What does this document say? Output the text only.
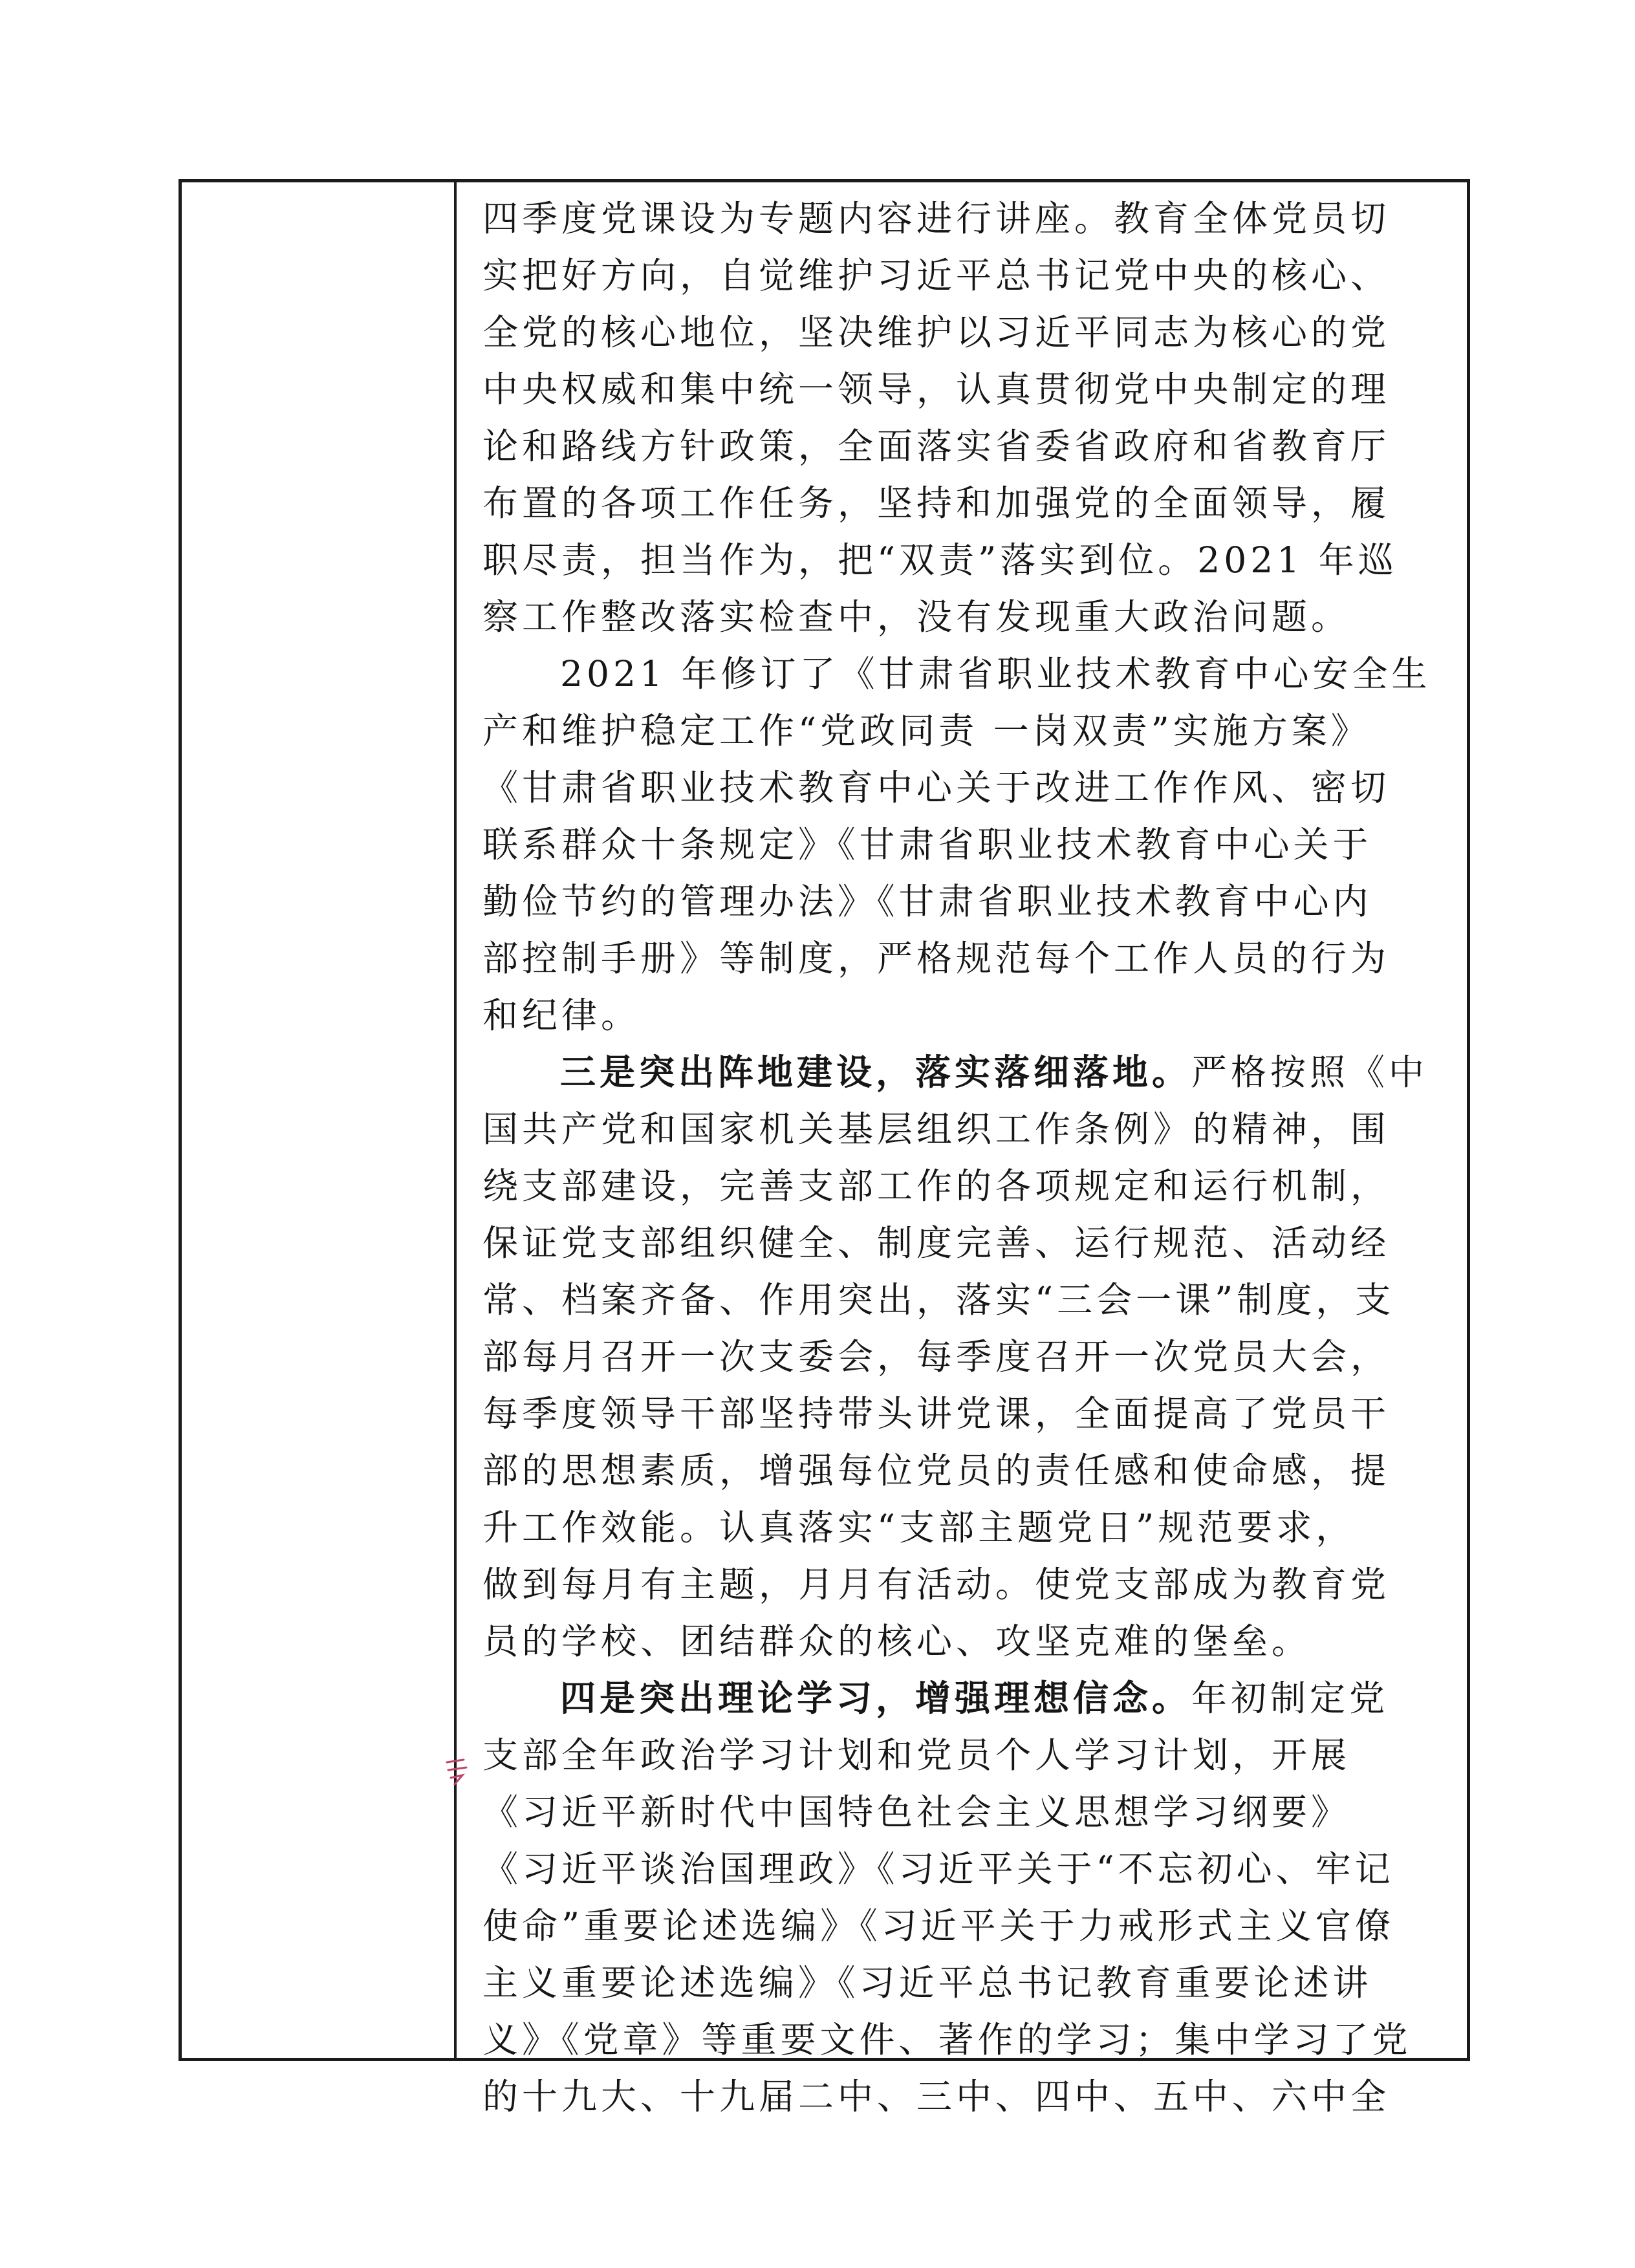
四季度党课设为专题内容进行讲座。教育全体党员切
实把好方向，自觉维护习近平总书记党中央的核心、
全党的核心地位，坚决维护以习近平同志为核心的党
中央权威和集中统一领导，认真贯彻党中央制定的理
论和路线方针政策，全面落实省委省政府和省教育厅
布置的各项工作任务，坚持和加强党的全面领导，履
职尽责，担当作为，把“双责”落实到位。2021 年巡
察工作整改落实检查中，没有发现重大政治问题。
2021 年修订了《甘肃省职业技术教育中心安全生
产和维护稳定工作“党政同责 一岗双责”实施方案》
《甘肃省职业技术教育中心关于改进工作作风、密切
联系群众十条规定》《甘肃省职业技术教育中心关于
勤俭节约的管理办法》《甘肃省职业技术教育中心内
部控制手册》等制度，严格规范每个工作人员的行为
和纪律。
三是突出阵地建设，落实落细落地。严格按照《中
国共产党和国家机关基层组织工作条例》的精神，围
绕支部建设，完善支部工作的各项规定和运行机制，
保证党支部组织健全、制度完善、运行规范、活动经
常、档案齐备、作用突出，落实“三会一课”制度，支
部每月召开一次支委会，每季度召开一次党员大会，
每季度领导干部坚持带头讲党课，全面提高了党员干
部的思想素质，增强每位党员的责任感和使命感，提
升工作效能。认真落实“支部主题党日”规范要求，
做到每月有主题，月月有活动。使党支部成为教育党
员的学校、团结群众的核心、攻坚克难的堡垒。
四是突出理论学习，增强理想信念。年初制定党
支部全年政治学习计划和党员个人学习计划，开展
《习近平新时代中国特色社会主义思想学习纲要》
《习近平谈治国理政》《习近平关于“不忘初心、牢记
使命”重要论述选编》《习近平关于力戒形式主义官僚
主义重要论述选编》《习近平总书记教育重要论述讲
义》《党章》等重要文件、著作的学习；集中学习了党
的十九大、十九届二中、三中、四中、五中、六中全
